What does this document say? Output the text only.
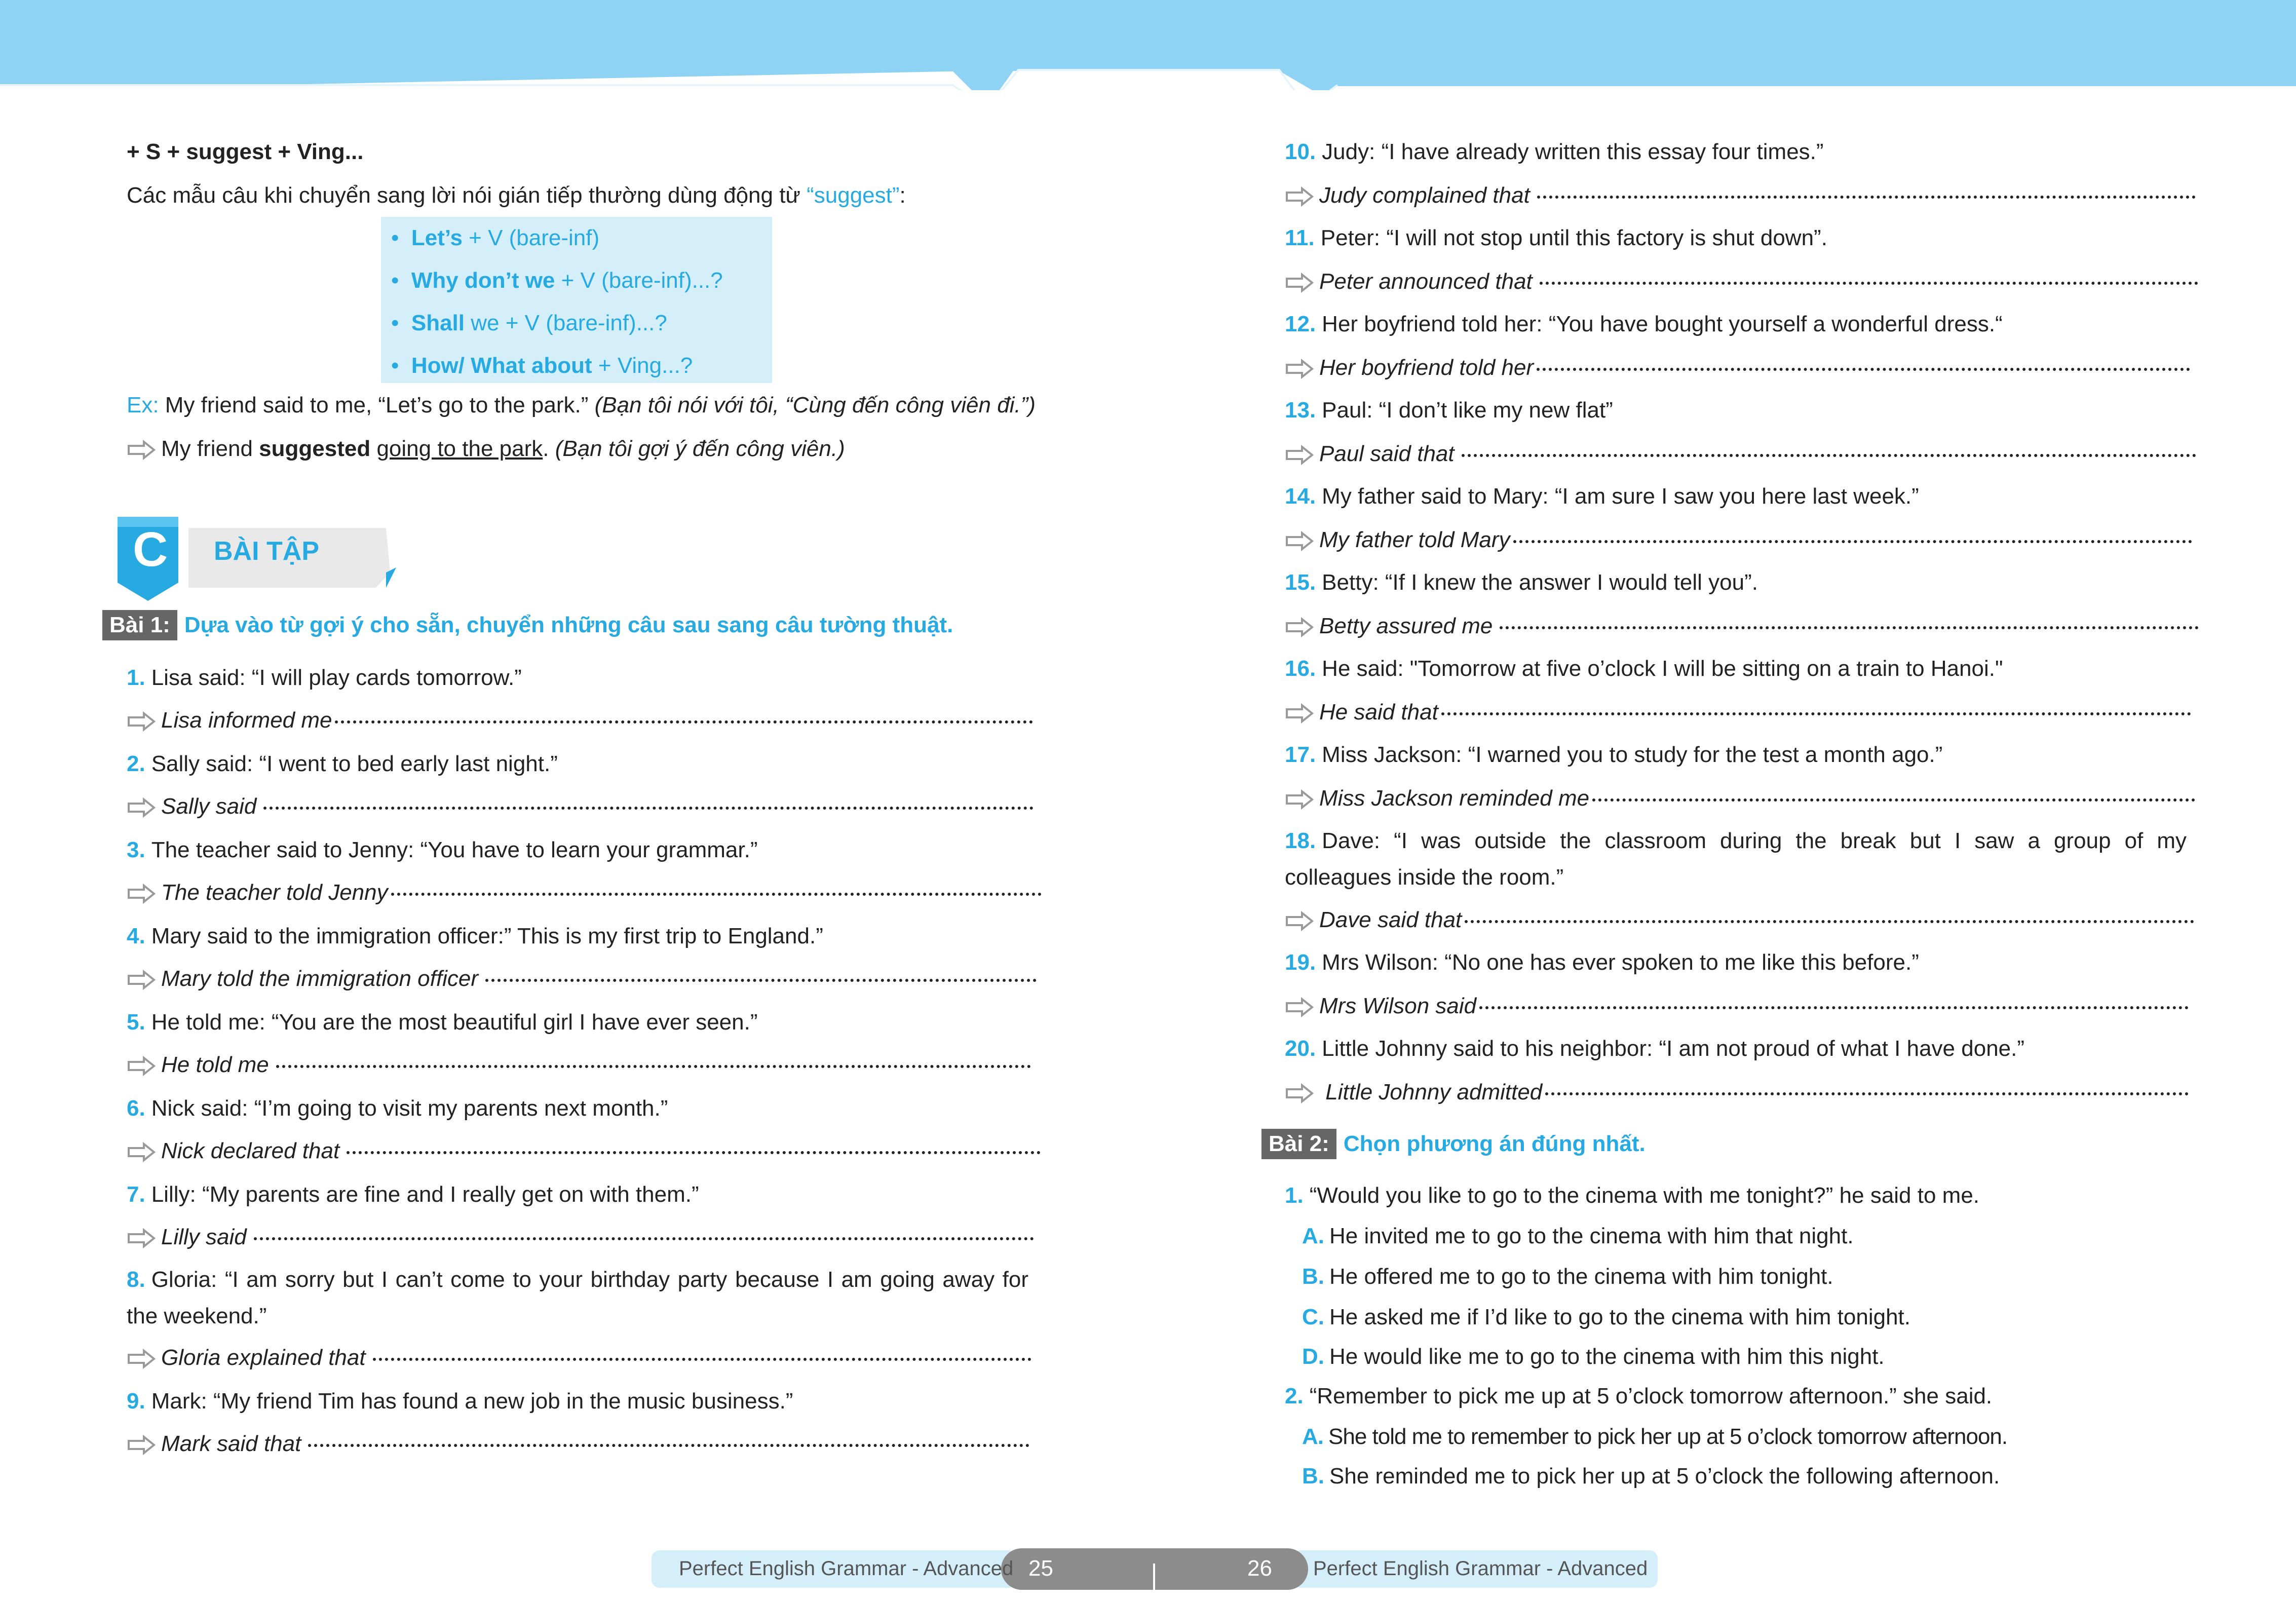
+ S + suggest + Ving...
Các mẫu câu khi chuyển sang lời nói gián tiếp thường dùng động từ “suggest”:
• Let’s + V (bare-inf)
• Why don’t we + V (bare-inf)...?
• Shall we + V (bare-inf)...?
• How/ What about + Ving...?
Ex: My friend said to me, “Let’s go to the park.” (Bạn tôi nói với tôi, “Cùng đến công viên đi.”)
My friend suggested going to the park. (Bạn tôi gợi ý đến công viên.)
C BÀI TẬP
Bài 1: Dựa vào từ gợi ý cho sẵn, chuyển những câu sau sang câu tường thuật.
1. Lisa said: “I will play cards tomorrow.”
Lisa informed me
2. Sally said: “I went to bed early last night.”
Sally said
3. The teacher said to Jenny: “You have to learn your grammar.”
The teacher told Jenny
4. Mary said to the immigration officer:” This is my first trip to England.”
Mary told the immigration officer
5. He told me: “You are the most beautiful girl I have ever seen.”
He told me
6. Nick said: “I’m going to visit my parents next month.”
Nick declared that
7. Lilly: “My parents are fine and I really get on with them.”
Lilly said
8. Gloria: “I am sorry but I can’t come to your birthday party because I am going away for the weekend.”
Gloria explained that
9. Mark: “My friend Tim has found a new job in the music business.”
Mark said that
10. Judy: “I have already written this essay four times.”
Judy complained that
11. Peter: “I will not stop until this factory is shut down”.
Peter announced that
12. Her boyfriend told her: “You have bought yourself a wonderful dress.“
Her boyfriend told her
13. Paul: “I don’t like my new flat”
Paul said that
14. My father said to Mary: “I am sure I saw you here last week.”
My father told Mary
15. Betty: “If I knew the answer I would tell you”.
Betty assured me
16. He said: "Tomorrow at five o’clock I will be sitting on a train to Hanoi."
He said that
17. Miss Jackson: “I warned you to study for the test a month ago.”
Miss Jackson reminded me
18. Dave: “I was outside the classroom during the break but I saw a group of my colleagues inside the room.”
Dave said that
19. Mrs Wilson: “No one has ever spoken to me like this before.”
Mrs Wilson said
20. Little Johnny said to his neighbor: “I am not proud of what I have done.”
Little Johnny admitted
Bài 2: Chọn phương án đúng nhất.
1. “Would you like to go to the cinema with me tonight?” he said to me.
A. He invited me to go to the cinema with him that night.
B. He offered me to go to the cinema with him tonight.
C. He asked me if I’d like to go to the cinema with him tonight.
D. He would like me to go to the cinema with him this night.
2. “Remember to pick me up at 5 o’clock tomorrow afternoon.” she said.
A. She told me to remember to pick her up at 5 o’clock tomorrow afternoon.
B. She reminded me to pick her up at 5 o’clock the following afternoon.
Perfect English Grammar - Advanced 25	26 Perfect English Grammar - Advanced
